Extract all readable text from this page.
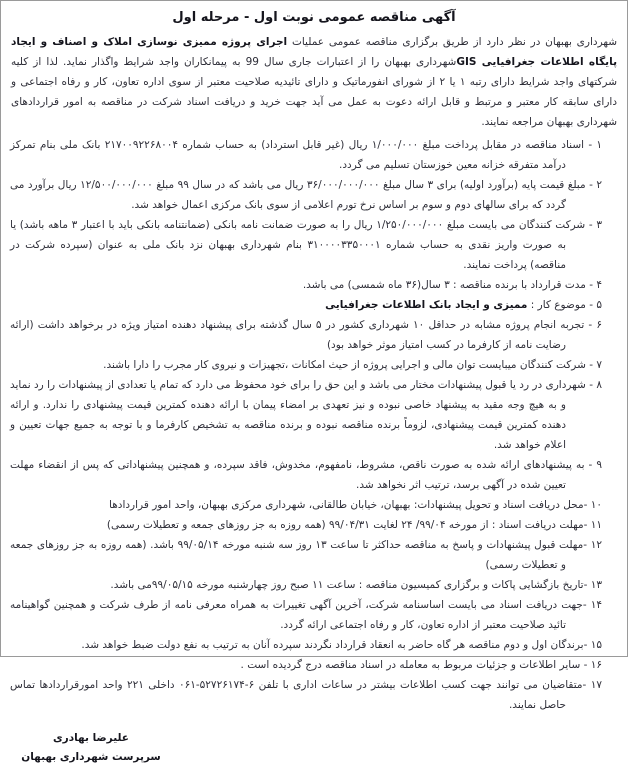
آگهی مناقصه عمومی نوبت اول - مرحله اول

شهرداری بهبهان در نظر دارد از طریق برگزاری مناقصه عمومی عملیات اجرای پروژه ممیزی نوسازی املاک و اصناف و ایجاد پایگاه اطلاعات جغرافیایی GISشهرداری بهبهان را از اعتبارات جاری سال 99 به پیمانکاران واجد شرایط واگذار نماید. لذا از کلیه شرکتهای واجد شرایط دارای رتبه ۱ یا ۲ از شورای انفورماتیک و دارای تائیدیه صلاحیت معتبر از سوی اداره تعاون، کار و رفاه اجتماعی و دارای سابقه کار معتبر و مرتبط و قابل ارائه دعوت به عمل می آید جهت خرید و دریافت اسناد شرکت در مناقصه به امور قراردادهای شهرداری بهبهان مراجعه نمایند.

۱ - اسناد مناقصه در مقابل پرداخت مبلغ ۱/۰۰۰/۰۰۰ ریال (غیر قابل استرداد) به حساب شماره ۲۱۷۰۰۹۲۲۶۸۰۰۴ بانک ملی بنام تمرکز درآمد متفرقه خزانه معین خوزستان تسلیم می گردد.
۲ - مبلغ قیمت پایه (برآورد اولیه) برای ۳ سال مبلغ ۳۶/۰۰۰/۰۰۰/۰۰۰ ریال می باشد که در سال ۹۹ مبلغ ۱۲/۵۰۰/۰۰۰/۰۰۰ ریال برآورد می گردد که برای سالهای دوم و سوم بر اساس نرخ تورم اعلامی از سوی بانک مرکزی اعمال خواهد شد.
۳ - شرکت کنندگان می بایست مبلغ ۱/۲۵۰/۰۰۰/۰۰۰ ریال را به صورت ضمانت نامه بانکی (ضمانتنامه بانکی باید با اعتبار ۳ ماهه باشد) یا به صورت واریز نقدی به حساب شماره ۳۱۰۰۰۰۳۳۵۰۰۰۱ بنام شهرداری بهبهان نزد بانک ملی به عنوان (سپرده شرکت در مناقصه) پرداخت نمایند.
۴ - مدت قرارداد با برنده مناقصه : ۳ سال(۳۶ ماه شمسی) می باشد.
۵ - موضوع کار : ممیزی و ایجاد بانک اطلاعات جغرافیایی
۶ - تجربه انجام پروژه مشابه در حداقل ۱۰ شهرداری کشور در ۵ سال گذشته برای پیشنهاد دهنده امتیاز ویژه در برخواهد داشت (ارائه رضایت نامه از کارفرما در کسب امتیاز موثر خواهد بود)
۷ - شرکت کنندگان میبایست توان مالی و اجرایی پروژه از حیث امکانات ،تجهیزات و نیروی کار مجرب را دارا باشند.
۸ - شهرداری در رد یا قبول پیشنهادات مختار می باشد و این حق را برای خود محفوظ می دارد که تمام یا تعدادی از پیشنهادات را رد نماید و به هیچ وجه مقید به پیشنهاد خاصی نبوده و نیز تعهدی بر امضاء پیمان با ارائه دهنده کمترین قیمت پیشنهادی را ندارد. و ارائه دهنده کمترین قیمت پیشنهادی، لزوماً برنده مناقصه نبوده و برنده مناقصه به تشخیص کارفرما و با توجه به جمیع جهات تعیین و اعلام خواهد شد.
۹ - به پیشنهادهای ارائه شده به صورت ناقص، مشروط، نامفهوم، مخدوش، فاقد سپرده، و همچنین پیشنهاداتی که پس از انقضاء مهلت تعیین شده در آگهی برسد، ترتیب اثر نخواهد شد.
۱۰ -محل دریافت اسناد و تحویل پیشنهادات: بهبهان، خیابان طالقانی، شهرداری مرکزی بهبهان، واحد امور قراردادها
۱۱ -مهلت دریافت اسناد : از مورخه ۹۹/۰۴/ ۲۴ لغایت ۹۹/۰۴/۳۱ (همه روزه به جز روزهای جمعه و تعطیلات رسمی)
۱۲ -مهلت قبول پیشنهادات و پاسخ به مناقصه حداکثر تا ساعت ۱۳ روز سه شنبه مورخه ۹۹/۰۵/۱۴ باشد. (همه روزه به جز روزهای جمعه و تعطیلات رسمی)
۱۳ -تاریخ بازگشایی پاکات و برگزاری کمیسیون مناقصه : ساعت ۱۱ صبح روز چهارشنبه مورخه ۹۹/۰۵/۱۵می باشد.
۱۴ -جهت دریافت اسناد می بایست اساسنامه شرکت، آخرین آگهی تغییرات به همراه معرفی نامه از طرف شرکت و همچنین گواهینامه تائید صلاحیت معتبر از اداره تعاون، کار و رفاه اجتماعی ارائه گردد.
۱۵ -برندگان اول و دوم مناقصه هر گاه حاضر به انعقاد قرارداد نگردند سپرده آنان به ترتیب به نفع دولت ضبط خواهد شد.
۱۶ - سایر اطلاعات و جزئیات مربوط به معامله در اسناد مناقصه درج گردیده است .
۱۷ -متقاضیان می توانند جهت کسب اطلاعات بیشتر در ساعات اداری با تلفن ۶-۵۲۷۲۶۱۷۴-۰۶۱ داخلی ۲۲۱ واحد امورقراردادها تماس حاصل نمایند.
علیرضا بهادری
سرپرست شهرداری بهبهان
